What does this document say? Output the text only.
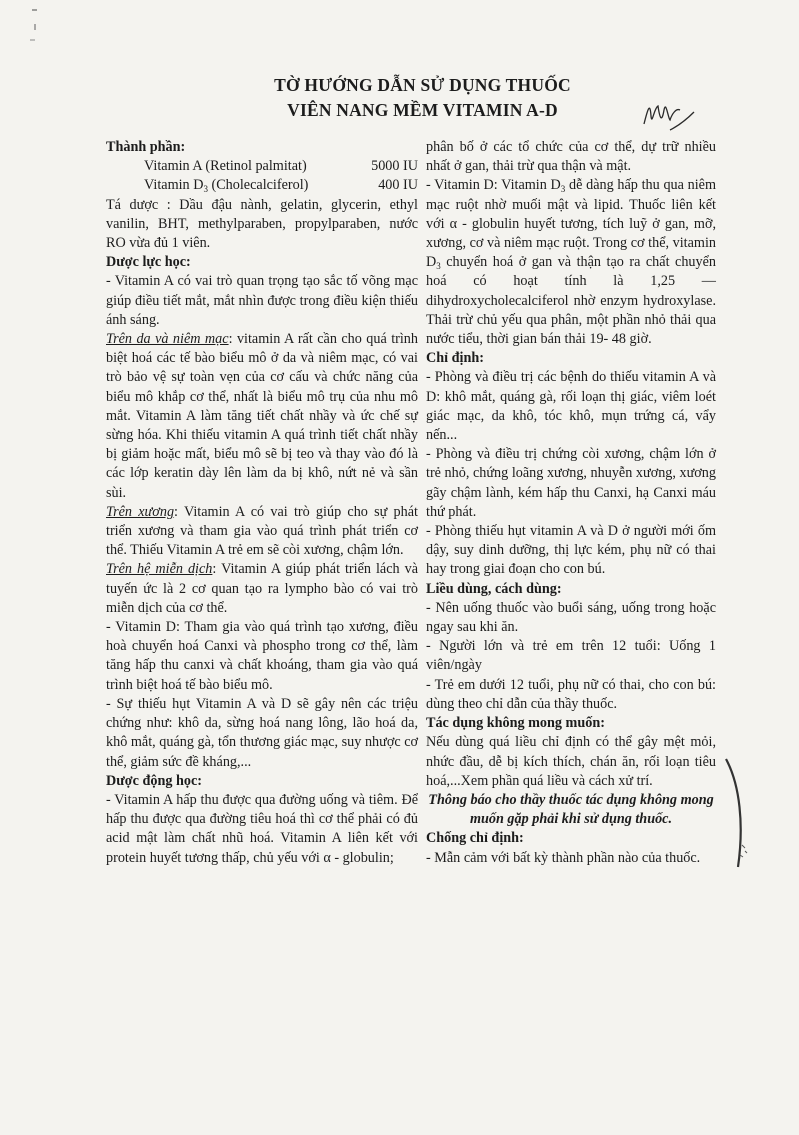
TỜ HƯỚNG DẪN SỬ DỤNG THUỐC
VIÊN NANG MỀM VITAMIN A-D

Thành phần:

Vitamin A (Retinol palmitat)	5000 IU
Vitamin $D_3$ (Cholecalciferol)	400 IU

Tá dược : Dầu đậu nành, gelatin, glycerin, ethyl vanilin, BHT, methylparaben, propylparaben, nước RO vừa đủ 1 viên.

Dược lực học:

- Vitamin A có vai trò quan trọng tạo sắc tố võng mạc giúp điều tiết mắt, mắt nhìn được trong điều kiện thiếu ánh sáng.

Trên da và niêm mạc: vitamin A rất cần cho quá trình biệt hoá các tế bào biểu mô ở da và niêm mạc, có vai trò bảo vệ sự toàn vẹn của cơ cấu và chức năng của biểu mô khắp cơ thể, nhất là biểu mô trụ của nhu mô mắt. Vitamin A làm tăng tiết chất nhầy và ức chế sự sừng hóa. Khi thiếu vitamin A quá trình tiết chất nhầy bị giảm hoặc mất, biểu mô sẽ bị teo và thay vào đó là các lớp keratin dày lên làm da bị khô, nứt nẻ và sần sùi.

Trên xương: Vitamin A có vai trò giúp cho sự phát triển xương và tham gia vào quá trình phát triển cơ thể. Thiếu Vitamin A trẻ em sẽ còi xương, chậm lớn.

Trên hệ miễn dịch: Vitamin A giúp phát triển lách và tuyến ức là 2 cơ quan tạo ra lympho bào có vai trò miễn dịch của cơ thể.

- Vitamin D: Tham gia vào quá trình tạo xương, điều hoà chuyển hoá Canxi và phospho trong cơ thể, làm tăng hấp thu canxi và chất khoáng, tham gia vào quá trình biệt hoá tế bào biểu mô.

- Sự thiếu hụt Vitamin A và D sẽ gây nên các triệu chứng như: khô da, sừng hoá nang lông, lão hoá da, khô mắt, quáng gà, tổn thương giác mạc, suy nhược cơ thể, giảm sức đề kháng,...

Dược động học:

- Vitamin A hấp thu được qua đường uống và tiêm. Để hấp thu được qua đường tiêu hoá thì cơ thể phải có đủ acid mật làm chất nhũ hoá. Vitamin A liên kết với protein huyết tương thấp, chủ yếu với α - globulin;

phân bố ở các tổ chức của cơ thể, dự trữ nhiều nhất ở gan, thải trừ qua thận và mật.

- Vitamin D: Vitamin $D_3$ dễ dàng hấp thu qua niêm mạc ruột nhờ muối mật và lipid. Thuốc liên kết với α - globulin huyết tương, tích luỹ ở gan, mỡ, xương, cơ và niêm mạc ruột. Trong cơ thể, vitamin $D_3$ chuyển hoá ở gan và thận tạo ra chất chuyển hoá có hoạt tính là 1,25 — dihydroxycholecalciferol nhờ enzym hydroxylase. Thải trừ chủ yếu qua phân, một phần nhỏ thải qua nước tiểu, thời gian bán thải 19- 48 giờ.

Chỉ định:

- Phòng và điều trị các bệnh do thiếu vitamin A và D: khô mắt, quáng gà, rối loạn thị giác, viêm loét giác mạc, da khô, tóc khô, mụn trứng cá, vẩy nến...

- Phòng và điều trị chứng còi xương, chậm lớn ở trẻ nhỏ, chứng loãng xương, nhuyễn xương, xương gãy chậm lành, kém hấp thu Canxi, hạ Canxi máu thứ phát.

- Phòng thiếu hụt vitamin A và D ở người mới ốm dậy, suy dinh dưỡng, thị lực kém, phụ nữ có thai hay trong giai đoạn cho con bú.

Liều dùng, cách dùng:

- Nên uống thuốc vào buổi sáng, uống trong hoặc ngay sau khi ăn.

- Người lớn và trẻ em trên 12 tuổi: Uống 1 viên/ngày

- Trẻ em dưới 12 tuổi, phụ nữ có thai, cho con bú: dùng theo chỉ dẫn của thầy thuốc.

Tác dụng không mong muốn:

Nếu dùng quá liều chỉ định có thể gây mệt mỏi, nhức đầu, dễ bị kích thích, chán ăn, rối loạn tiêu hoá,...Xem phần quá liều và cách xử trí.

Thông báo cho thầy thuốc tác dụng không mong muốn gặp phải khi sử dụng thuốc.

Chống chỉ định:

- Mẫn cảm với bất kỳ thành phần nào của thuốc.
